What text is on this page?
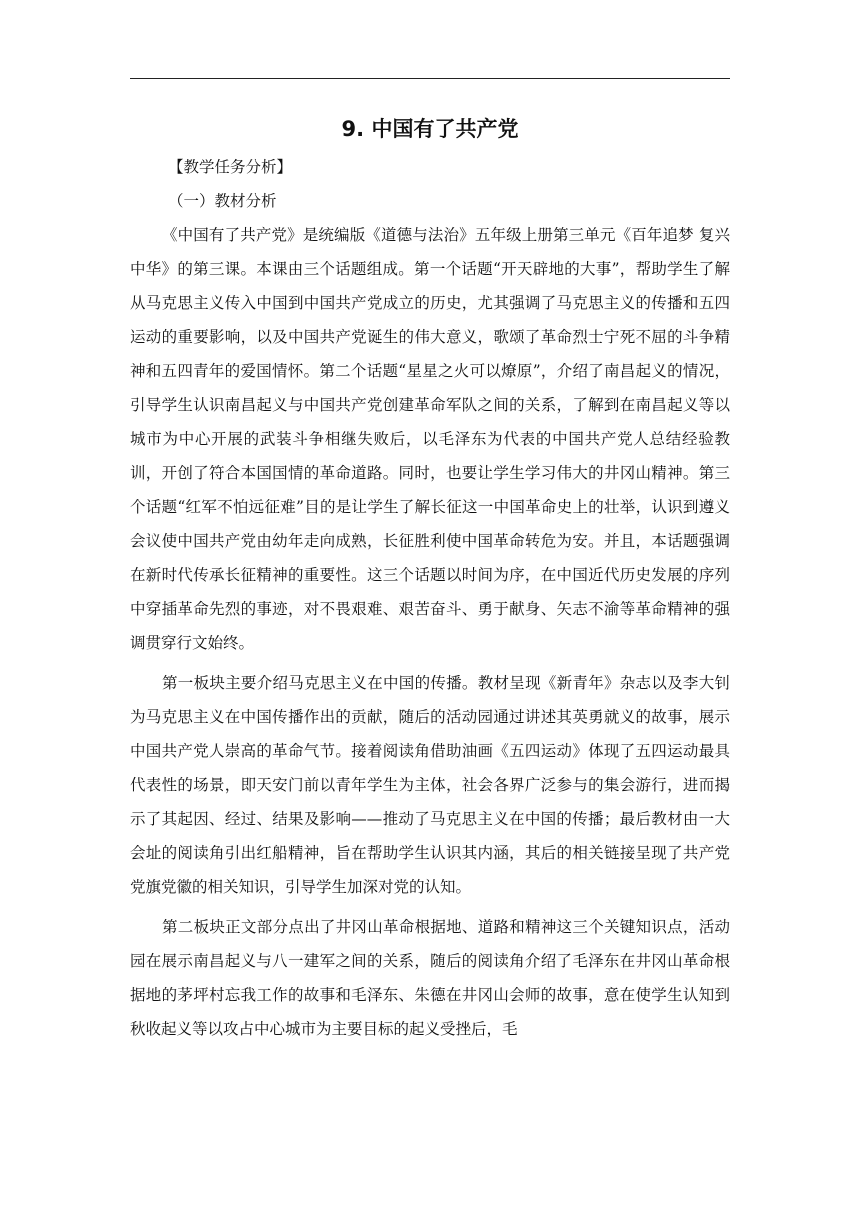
9. 中国有了共产党

【教学任务分析】

（一）教材分析

《中国有了共产党》是统编版《道德与法治》五年级上册第三单元《百年追梦 复兴中华》的第三课。本课由三个话题组成。第一个话题“开天辟地的大事”，帮助学生了解从马克思主义传入中国到中国共产党成立的历史，尤其强调了马克思主义的传播和五四运动的重要影响，以及中国共产党诞生的伟大意义，歌颂了革命烈士宁死不屈的斗争精神和五四青年的爱国情怀。第二个话题“星星之火可以燎原”，介绍了南昌起义的情况，引导学生认识南昌起义与中国共产党创建革命军队之间的关系，了解到在南昌起义等以城市为中心开展的武装斗争相继失败后，以毛泽东为代表的中国共产党人总结经验教训，开创了符合本国国情的革命道路。同时，也要让学生学习伟大的井冈山精神。第三个话题“红军不怕远征难”目的是让学生了解长征这一中国革命史上的壮举，认识到遵义会议使中国共产党由幼年走向成熟，长征胜利使中国革命转危为安。并且，本话题强调在新时代传承长征精神的重要性。这三个话题以时间为序，在中国近代历史发展的序列中穿插革命先烈的事迹，对不畏艰难、艰苦奋斗、勇于献身、矢志不渝等革命精神的强调贯穿行文始终。

第一板块主要介绍马克思主义在中国的传播。教材呈现《新青年》杂志以及李大钊为马克思主义在中国传播作出的贡献，随后的活动园通过讲述其英勇就义的故事，展示中国共产党人崇高的革命气节。接着阅读角借助油画《五四运动》体现了五四运动最具代表性的场景，即天安门前以青年学生为主体，社会各界广泛参与的集会游行，进而揭示了其起因、经过、结果及影响——推动了马克思主义在中国的传播；最后教材由一大会址的阅读角引出红船精神，旨在帮助学生认识其内涵，其后的相关链接呈现了共产党党旗党徽的相关知识，引导学生加深对党的认知。

第二板块正文部分点出了井冈山革命根据地、道路和精神这三个关键知识点，活动园在展示南昌起义与八一建军之间的关系，随后的阅读角介绍了毛泽东在井冈山革命根据地的茅坪村忘我工作的故事和毛泽东、朱德在井冈山会师的故事，意在使学生认知到秋收起义等以攻占中心城市为主要目标的起义受挫后，毛
